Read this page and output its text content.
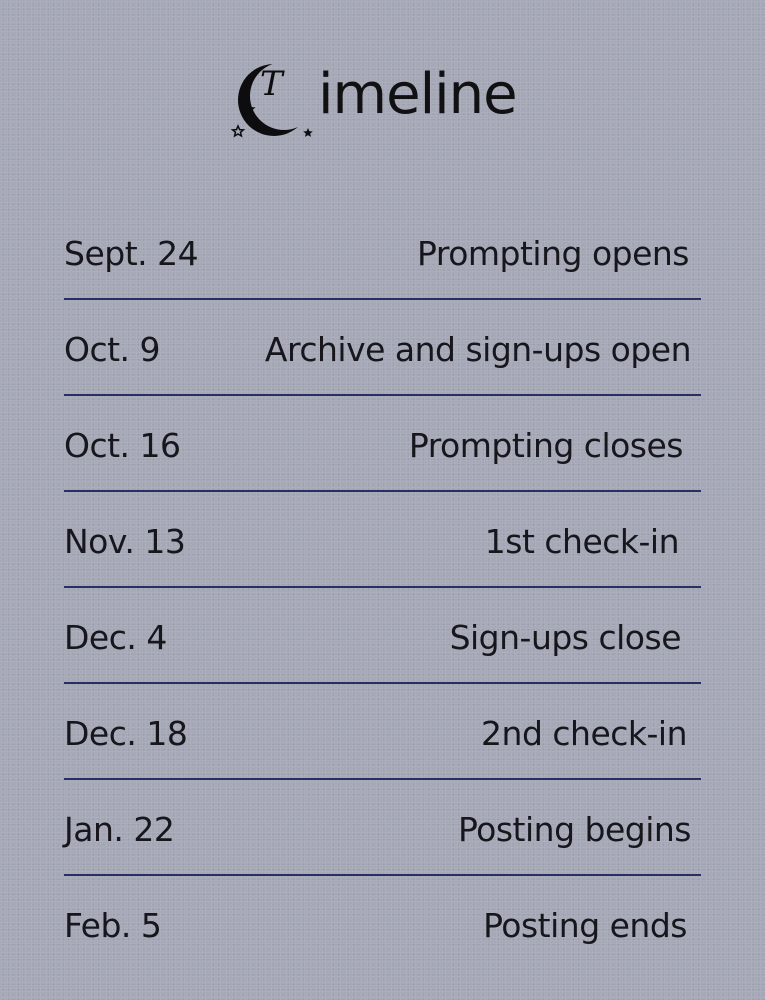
T imeline
Sept. 24	Prompting opens
Oct. 9	Archive and sign-ups open
Oct. 16	Prompting closes
Nov. 13	1st check-in
Dec. 4	Sign-ups close
Dec. 18	2nd check-in
Jan. 22	Posting begins
Feb. 5	Posting ends
